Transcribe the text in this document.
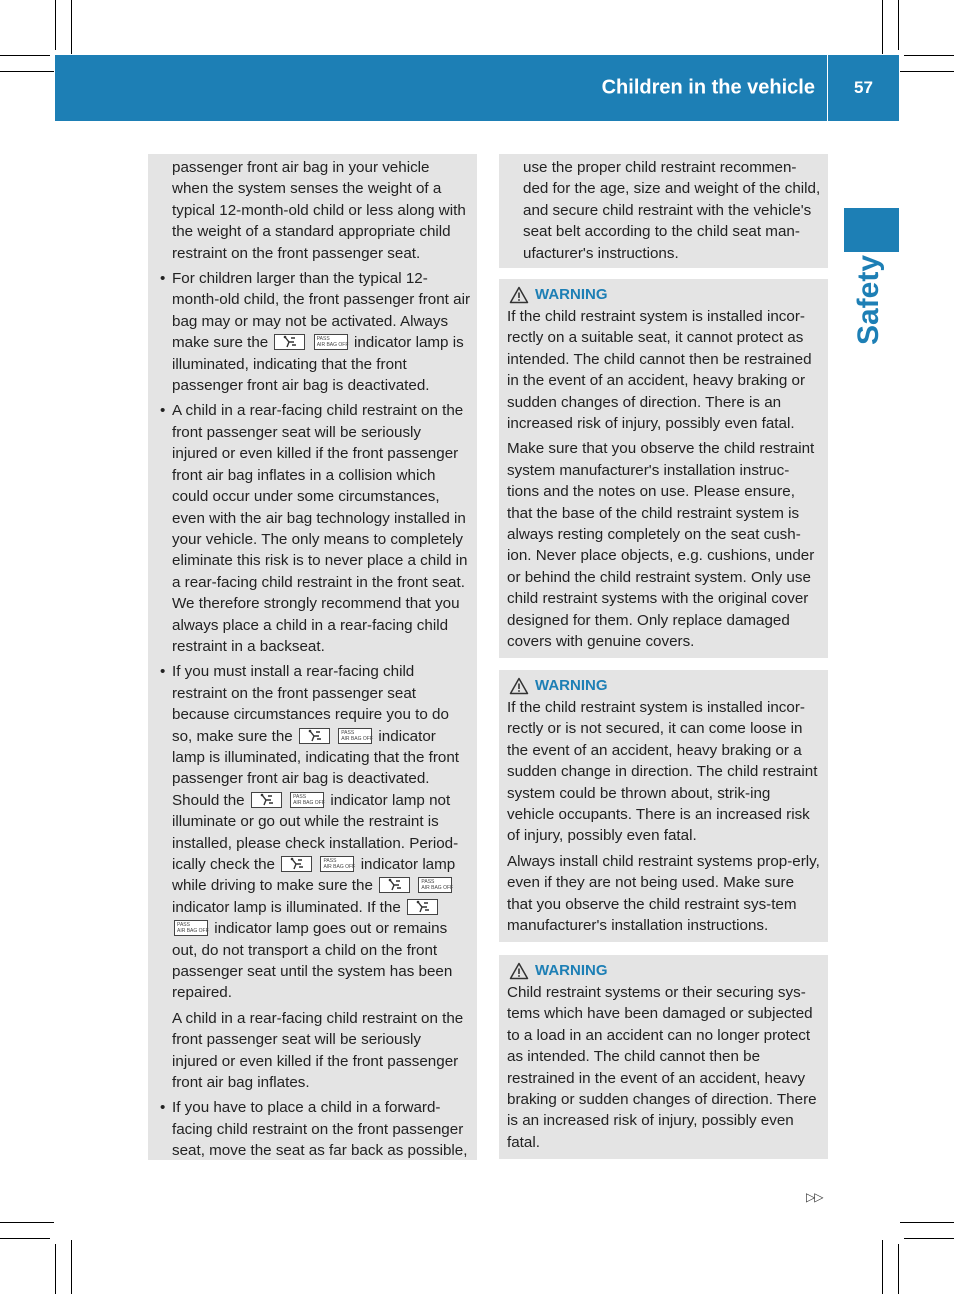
Children in the vehicle	57
Safety

passenger front air bag in your vehicle when the system senses the weight of a typical 12-month-old child or less along with the weight of a standard appropriate child restraint on the front passenger seat.

• For children larger than the typical 12-month-old child, the front passenger front air bag may or may not be activated. Always make sure the
	PASS
AIR BAG OFF indicator lamp is illuminated, indicating that the front passenger front air bag is deactivated.
• A child in a rear-facing child restraint on the front passenger seat will be seriously injured or even killed if the front passenger front air bag inflates in a collision which could occur under some circumstances, even with the air bag technology installed in your vehicle. The only means to completely eliminate this risk is to never place a child in a rear-facing child restraint in the front seat. We therefore strongly recommend that you always place a child in a rear-facing child restraint in a backseat.
• If you must install a rear-facing child restraint on the front passenger seat because circumstances require you to do so, make sure the
	PASS
AIR BAG OFF indicator lamp is illuminated, indicating that the front passenger front air bag is deactivated. Should the
	PASS
AIR BAG OFF indicator lamp not illuminate or go out while the restraint is installed, please check installation. Period-ically check the
	PASS
AIR BAG OFF indicator lamp while driving to make sure the
	PASS
AIR BAG OFF
indicator lamp is illuminated. If the

PASS
AIR BAG OFF indicator lamp goes out or remains out, do not transport a child on the front passenger seat until the system has been repaired.

A child in a rear-facing child restraint on the front passenger seat will be seriously injured or even killed if the front passenger front air bag inflates.

• If you have to place a child in a forward-facing child restraint on the front passenger seat, move the seat as far back as possible,

use the proper child restraint recommen-ded for the age, size and weight of the child, and secure child restraint with the vehicle's seat belt according to the child seat man-ufacturer's instructions.

WARNING

If the child restraint system is installed incor-rectly on a suitable seat, it cannot protect as intended. The child cannot then be restrained in the event of an accident, heavy braking or sudden changes of direction. There is an increased risk of injury, possibly even fatal.

Make sure that you observe the child restraint system manufacturer's installation instruc-tions and the notes on use. Please ensure, that the base of the child restraint system is always resting completely on the seat cush-ion. Never place objects, e.g. cushions, under or behind the child restraint system. Only use child restraint systems with the original cover designed for them. Only replace damaged covers with genuine covers.

WARNING

If the child restraint system is installed incor-rectly or is not secured, it can come loose in the event of an accident, heavy braking or a sudden change in direction. The child restraint system could be thrown about, strik-ing vehicle occupants. There is an increased risk of injury, possibly even fatal.

Always install child restraint systems prop-erly, even if they are not being used. Make sure that you observe the child restraint sys-tem manufacturer's installation instructions.

WARNING

Child restraint systems or their securing sys-tems which have been damaged or subjected to a load in an accident can no longer protect as intended. The child cannot then be restrained in the event of an accident, heavy braking or sudden changes of direction. There is an increased risk of injury, possibly even fatal.

▷▷
